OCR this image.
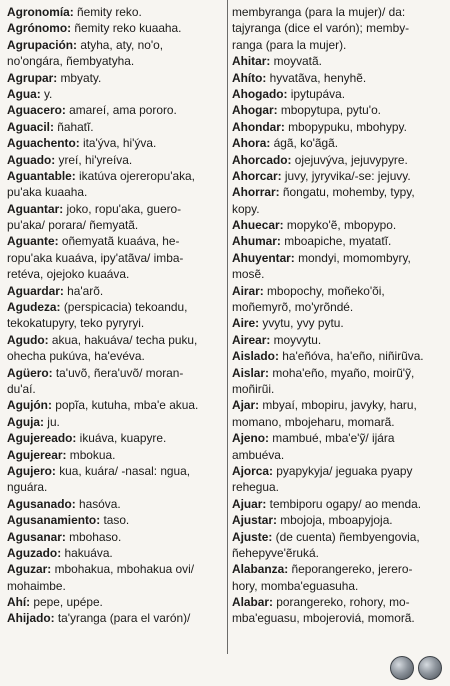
Agronomía: ñemity reko.
Agrónomo: ñemity reko kuaaha.
Agrupación: atyha, aty, no'o,
no'ongára, ñembyatyha.
Agrupar: mbyaty.
Agua: y.
Aguacero: amareí, ama pororo.
Aguacil: ñahatĩ.
Aguachento: ita'ýva, hi'ýva.
Aguado: yreí, hi'yreíva.
Aguantable: ikatúva ojereropu'aka,
pu'aka kuaaha.
Aguantar: joko, ropu'aka, guero-
pu'aka/ porara/ ñemyatã.
Aguante: oñemyatã kuaáva, he-
ropu'aka kuaáva, ipy'atãva/ imba-
retéva, ojejoko kuaáva.
Aguardar: ha'arõ.
Agudeza: (perspicacia) tekoandu,
tekokatupyry, teko pyryryi.
Agudo: akua, hakuáva/ techa puku,
ohecha pukúva, ha'evéva.
Agüero: ta'uvõ, ñera'uvõ/ moran-
du'aí.
Agujón: popĩa, kutuha, mba'e akua.
Aguja: ju.
Agujereado: ikuáva, kuapyre.
Agujerear: mbokua.
Agujero: kua, kuára/ -nasal: ngua,
nguára.
Agusanado: hasóva.
Agusanamiento: taso.
Agusanar: mbohaso.
Aguzado: hakuáva.
Aguzar: mbohakua, mbohakua ovi/
mohaimbe.
Ahí: pepe, upépe.
Ahijado: ta'yranga (para el varón)/
membyranga (para la mujer)/ da:
tajyranga (dice el varón); memby-
ranga (para la mujer).
Ahitar: moyvatã.
Ahíto: hyvatãva, henyhẽ.
Ahogado: ipytupáva.
Ahogar: mbopytupa, pytu'o.
Ahondar: mbopypuku, mbohypy.
Ahora: ágã, ko'ãgã.
Ahorcado: ojejuvýva, jejuvypyre.
Ahorcar: juvy, jyryvika/-se: jejuvy.
Ahorrar: ñongatu, mohemby, typy,
kopy.
Ahuecar: mopyko'ẽ, mbopypo.
Ahumar: mboapiche, myatatĩ.
Ahuyentar: mondyi, momombyry,
mosẽ.
Airar: mbopochy, moñeko'õi,
moñemyrõ, mo'yrõndé.
Aire: yvytu, yvy pytu.
Airear: moyvytu.
Aislado: ha'eñóva, ha'eño, niñirũva.
Aislar: moha'eño, myaño, moirũ'ỹ,
moñirũi.
Ajar: mbyaí, mbopiru, javyky, haru,
momano, mbojeharu, momarã.
Ajeno: mambué, mba'e'ỹ/ ijára
ambuéva.
Ajorca: pyapykyja/ jeguaka pyapy
rehegua.
Ajuar: tembiporu ogapy/ ao menda.
Ajustar: mbojoja, mboapyjoja.
Ajuste: (de cuenta) ñembyengovia,
ñehepyve'ẽruká.
Alabanza: ñeporangereko, jerero-
hory, momba'eguasuha.
Alabar: porangereko, rohory, mo-
mba'eguasu, mbojeroviá, momorã.
